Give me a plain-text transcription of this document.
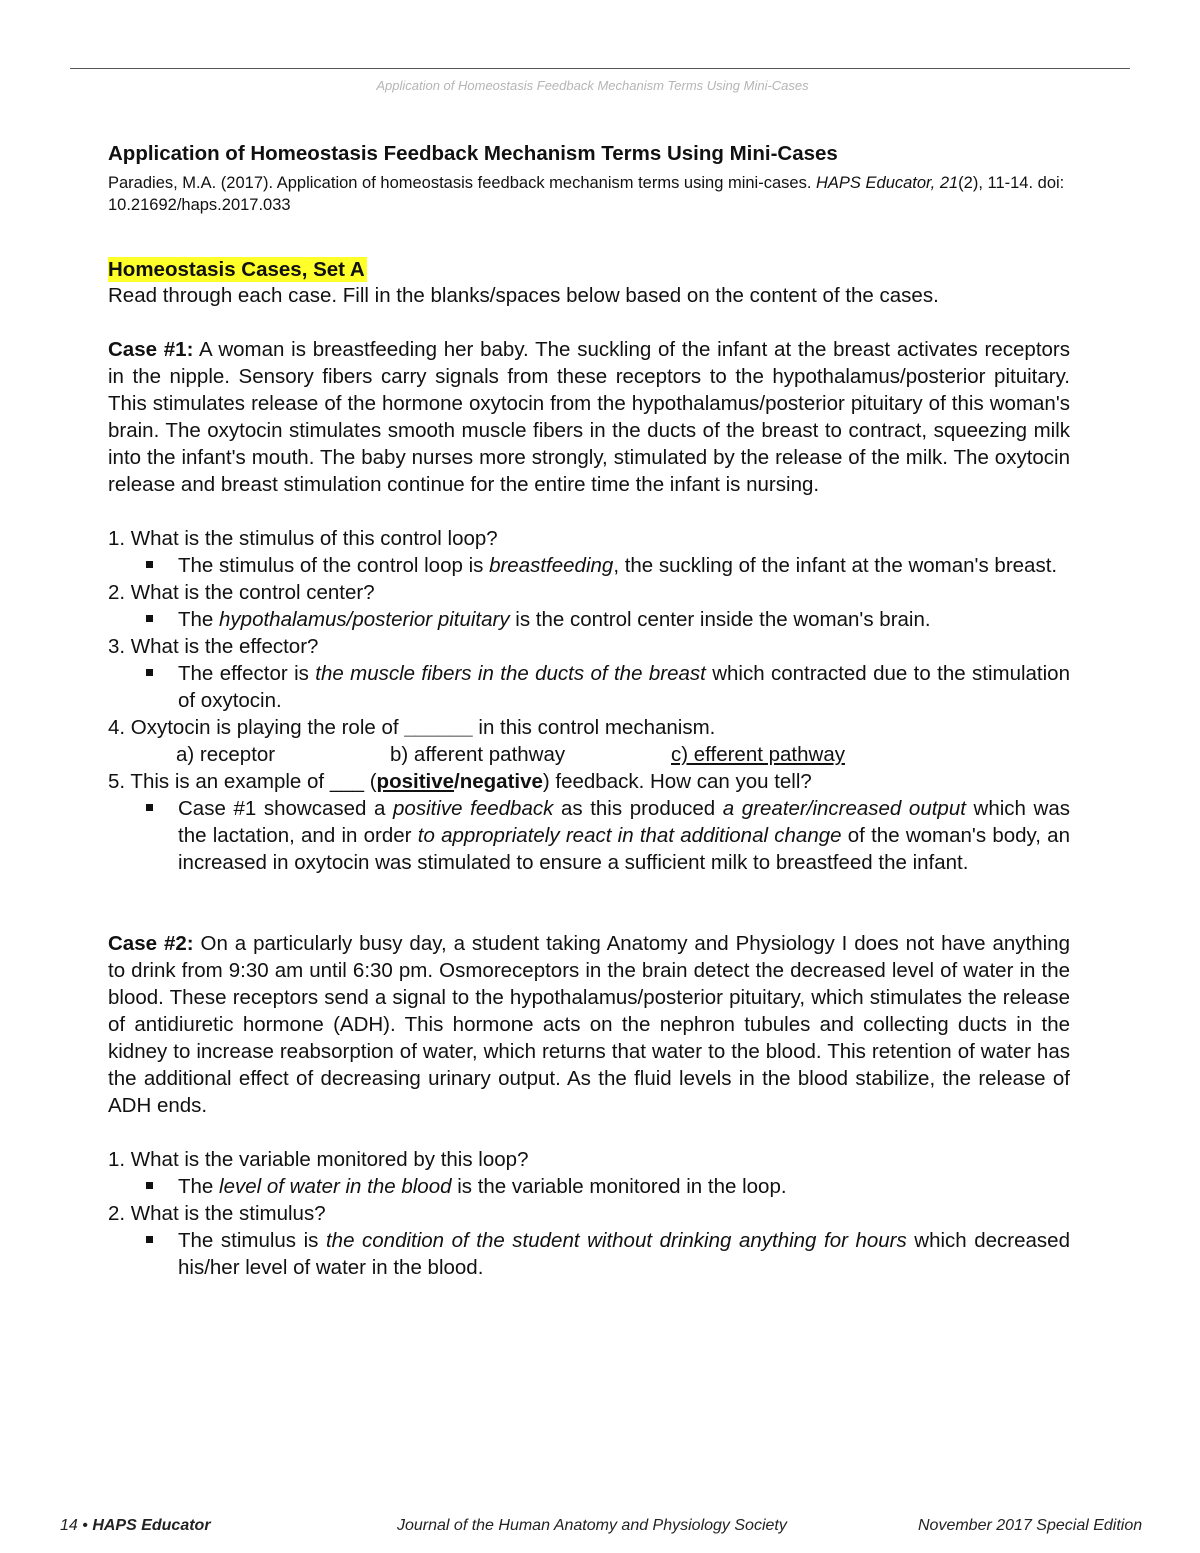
Application of Homeostasis Feedback Mechanism Terms Using Mini-Cases
Application of Homeostasis Feedback Mechanism Terms Using Mini-Cases

Paradies, M.A. (2017). Application of homeostasis feedback mechanism terms using mini-cases. HAPS Educator, 21(2), 11-14. doi: 10.21692/haps.2017.033

Homeostasis Cases, Set A

Read through each case. Fill in the blanks/spaces below based on the content of the cases.

Case #1: A woman is breastfeeding her baby. The suckling of the infant at the breast activates receptors in the nipple. Sensory fibers carry signals from these receptors to the hypothalamus/posterior pituitary. This stimulates release of the hormone oxytocin from the hypothalamus/posterior pituitary of this woman's brain. The oxytocin stimulates smooth muscle fibers in the ducts of the breast to contract, squeezing milk into the infant's mouth. The baby nurses more strongly, stimulated by the release of the milk. The oxytocin release and breast stimulation continue for the entire time the infant is nursing.

1. What is the stimulus of this control loop?

The stimulus of the control loop is breastfeeding, the suckling of the infant at the woman's breast.

2. What is the control center?

The hypothalamus/posterior pituitary is the control center inside the woman's brain.

3. What is the effector?

The effector is the muscle fibers in the ducts of the breast which contracted due to the stimulation of oxytocin.

4. Oxytocin is playing the role of ______ in this control mechanism.

a) receptor	b) afferent pathway	c) efferent pathway

5. This is an example of ___ (positive/negative) feedback. How can you tell?

Case #1 showcased a positive feedback as this produced a greater/increased output which was the lactation, and in order to appropriately react in that additional change of the woman's body, an increased in oxytocin was stimulated to ensure a sufficient milk to breastfeed the infant.

Case #2: On a particularly busy day, a student taking Anatomy and Physiology I does not have anything to drink from 9:30 am until 6:30 pm. Osmoreceptors in the brain detect the decreased level of water in the blood. These receptors send a signal to the hypothalamus/posterior pituitary, which stimulates the release of antidiuretic hormone (ADH). This hormone acts on the nephron tubules and collecting ducts in the kidney to increase reabsorption of water, which returns that water to the blood. This retention of water has the additional effect of decreasing urinary output. As the fluid levels in the blood stabilize, the release of ADH ends.

1. What is the variable monitored by this loop?

The level of water in the blood is the variable monitored in the loop.

2. What is the stimulus?

The stimulus is the condition of the student without drinking anything for hours which decreased his/her level of water in the blood.

14 • HAPS Educator	Journal of the Human Anatomy and Physiology Society	November 2017 Special Edition
